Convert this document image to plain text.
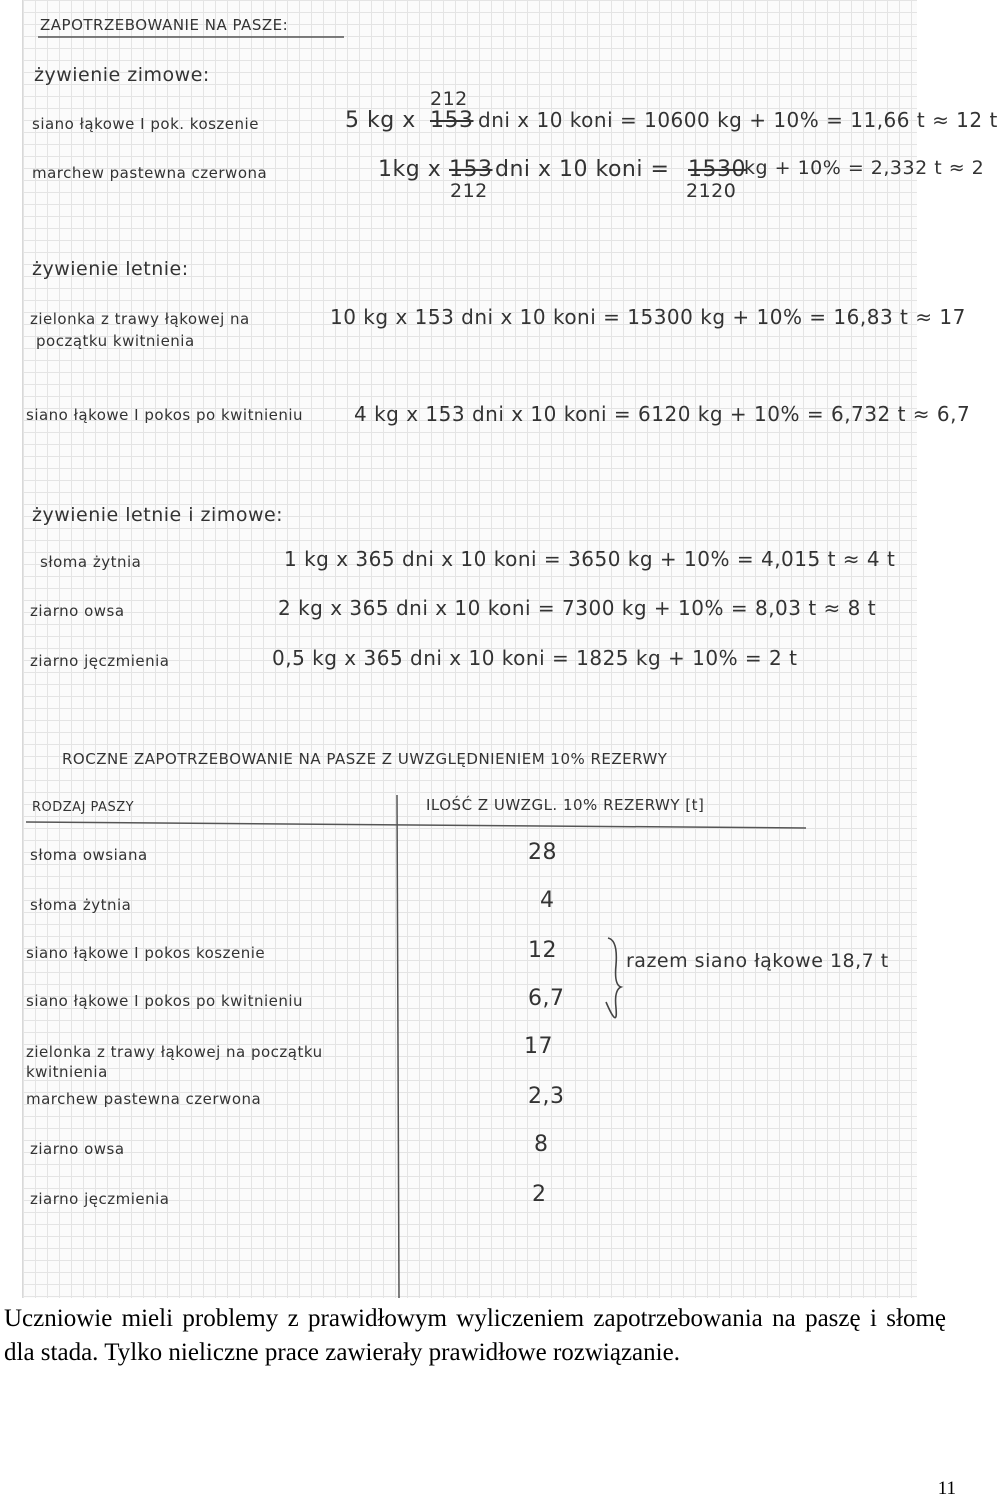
ZAPOTRZEBOWANIE NA PASZE:
żywienie zimowe:
siano łąkowe I pok. koszenie	5 kg x
212
153 dni x 10 koni = 10600 kg + 10% = 11,66 t ≈ 12 t
marchew pastewna czerwona	1kg x 153
212
dni x 10 koni = 1530
2120
kg + 10% = 2,332 t ≈ 2
żywienie letnie:
zielonka z trawy łąkowej na
początku kwitnienia
10 kg x 153 dni x 10 koni = 15300 kg + 10% = 16,83 t ≈ 17
siano łąkowe I pokos po kwitnieniu	4 kg x 153 dni x 10 koni = 6120 kg + 10% = 6,732 t ≈ 6,7
żywienie letnie i zimowe:
słoma żytnia	1 kg x 365 dni x 10 koni = 3650 kg + 10% = 4,015 t ≈ 4 t
ziarno owsa	2 kg x 365 dni x 10 koni = 7300 kg + 10% = 8,03 t ≈ 8 t
ziarno jęczmienia	0,5 kg x 365 dni x 10 koni = 1825 kg + 10% = 2 t
ROCZNE ZAPOTRZEBOWANIE NA PASZE Z UWZGLĘDNIENIEM 10% REZERWY
RODZAJ PASZY	ILOŚĆ Z UWZGL. 10% REZERWY [t]
słoma owsiana	28
słoma żytnia	4
siano łąkowe I pokos koszenie	12
siano łąkowe I pokos po kwitnieniu	6,7
zielonka z trawy łąkowej na początku kwitnienia
17
marchew pastewna czerwona	2,3
ziarno owsa	8
ziarno jęczmienia	2
razem siano łąkowe 18,7 t
Uczniowie mieli problemy z prawidłowym wyliczeniem zapotrzebowania na paszę i słomę dla stada. Tylko nieliczne prace zawierały prawidłowe rozwiązanie.
11
